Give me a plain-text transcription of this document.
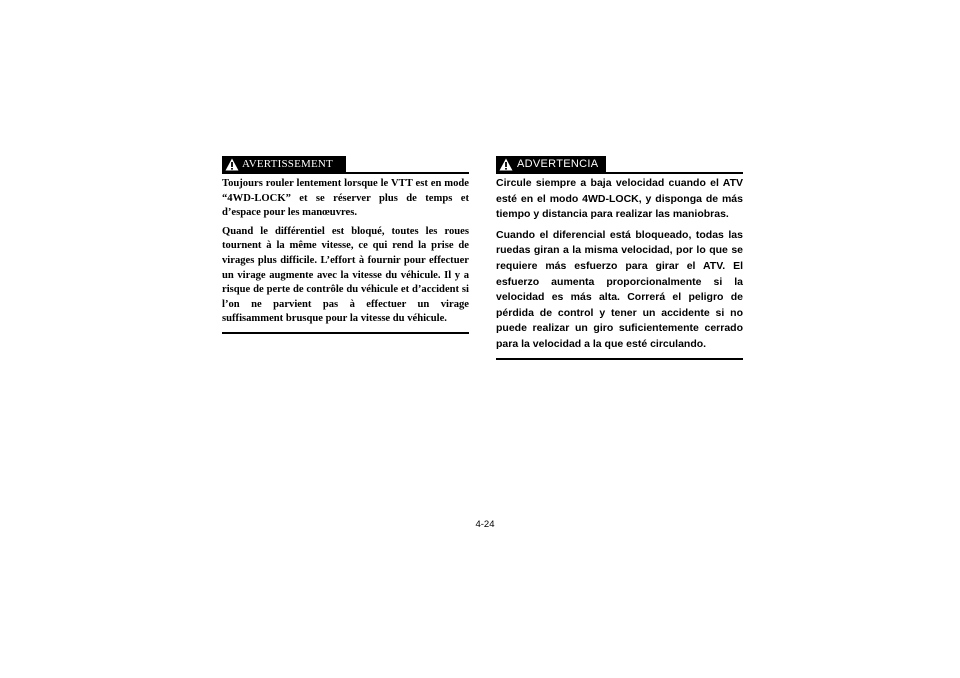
AVERTISSEMENT

Toujours rouler lentement lorsque le VTT est en mode “4WD-LOCK” et se réserver plus de temps et d’espace pour les manœuvres.

Quand le différentiel est bloqué, toutes les roues tournent à la même vitesse, ce qui rend la prise de virages plus difficile. L’effort à fournir pour effectuer un virage augmente avec la vitesse du véhicule. Il y a risque de perte de contrôle du véhicule et d’accident si l’on ne parvient pas à effectuer un virage suffisamment brusque pour la vitesse du véhicule.

ADVERTENCIA

Circule siempre a baja velocidad cuando el ATV esté en el modo 4WD-LOCK, y disponga de más tiempo y distancia para realizar las maniobras.

Cuando el diferencial está bloqueado, todas las ruedas giran a la misma velocidad, por lo que se requiere más esfuerzo para girar el ATV. El esfuerzo aumenta proporcionalmente si la velocidad es más alta. Correrá el peligro de pérdida de control y tener un accidente si no puede realizar un giro suficientemente cerrado para la velocidad a la que esté circulando.

4-24
